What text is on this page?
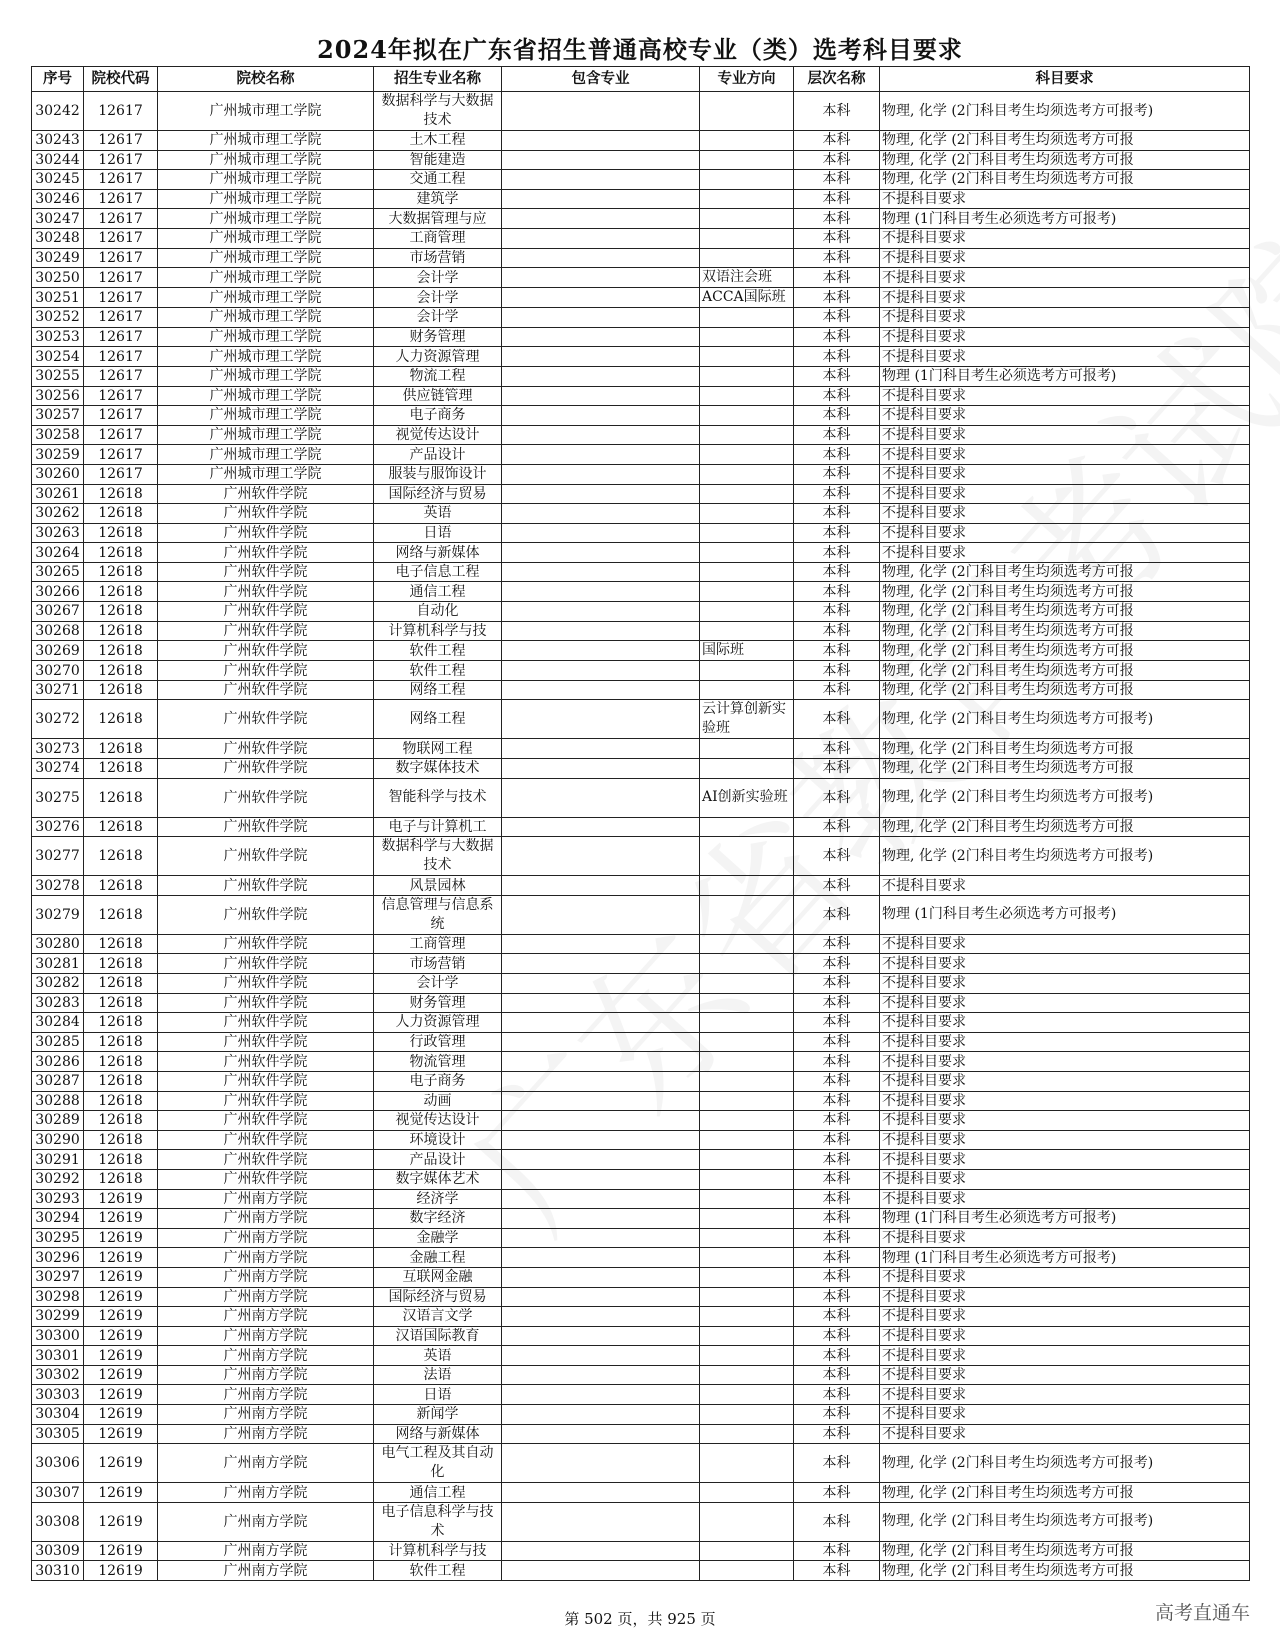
2024年拟在广东省招生普通高校专业（类）选考科目要求
序号	院校代码	院校名称	招生专业名称	包含专业	专业方向	层次名称	科目要求
30242	12617	广州城市理工学院	数据科学与大数据技术			本科	物理, 化学 (2门科目考生均须选考方可报考)
30243	12617	广州城市理工学院	土木工程			本科	物理, 化学 (2门科目考生均须选考方可报
30244	12617	广州城市理工学院	智能建造			本科	物理, 化学 (2门科目考生均须选考方可报
30245	12617	广州城市理工学院	交通工程			本科	物理, 化学 (2门科目考生均须选考方可报
30246	12617	广州城市理工学院	建筑学			本科	不提科目要求
30247	12617	广州城市理工学院	大数据管理与应			本科	物理 (1门科目考生必须选考方可报考)
30248	12617	广州城市理工学院	工商管理			本科	不提科目要求
30249	12617	广州城市理工学院	市场营销			本科	不提科目要求
30250	12617	广州城市理工学院	会计学		双语注会班	本科	不提科目要求
30251	12617	广州城市理工学院	会计学		ACCA国际班	本科	不提科目要求
30252	12617	广州城市理工学院	会计学			本科	不提科目要求
30253	12617	广州城市理工学院	财务管理			本科	不提科目要求
30254	12617	广州城市理工学院	人力资源管理			本科	不提科目要求
30255	12617	广州城市理工学院	物流工程			本科	物理 (1门科目考生必须选考方可报考)
30256	12617	广州城市理工学院	供应链管理			本科	不提科目要求
30257	12617	广州城市理工学院	电子商务			本科	不提科目要求
30258	12617	广州城市理工学院	视觉传达设计			本科	不提科目要求
30259	12617	广州城市理工学院	产品设计			本科	不提科目要求
30260	12617	广州城市理工学院	服装与服饰设计			本科	不提科目要求
30261	12618	广州软件学院	国际经济与贸易			本科	不提科目要求
30262	12618	广州软件学院	英语			本科	不提科目要求
30263	12618	广州软件学院	日语			本科	不提科目要求
30264	12618	广州软件学院	网络与新媒体			本科	不提科目要求
30265	12618	广州软件学院	电子信息工程			本科	物理, 化学 (2门科目考生均须选考方可报
30266	12618	广州软件学院	通信工程			本科	物理, 化学 (2门科目考生均须选考方可报
30267	12618	广州软件学院	自动化			本科	物理, 化学 (2门科目考生均须选考方可报
30268	12618	广州软件学院	计算机科学与技			本科	物理, 化学 (2门科目考生均须选考方可报
30269	12618	广州软件学院	软件工程		国际班	本科	物理, 化学 (2门科目考生均须选考方可报
30270	12618	广州软件学院	软件工程			本科	物理, 化学 (2门科目考生均须选考方可报
30271	12618	广州软件学院	网络工程			本科	物理, 化学 (2门科目考生均须选考方可报
30272	12618	广州软件学院	网络工程		云计算创新实验班	本科	物理, 化学 (2门科目考生均须选考方可报考)
30273	12618	广州软件学院	物联网工程			本科	物理, 化学 (2门科目考生均须选考方可报
30274	12618	广州软件学院	数字媒体技术			本科	物理, 化学 (2门科目考生均须选考方可报
30275	12618	广州软件学院	智能科学与技术		AI创新实验班	本科	物理, 化学 (2门科目考生均须选考方可报考)
30276	12618	广州软件学院	电子与计算机工			本科	物理, 化学 (2门科目考生均须选考方可报
30277	12618	广州软件学院	数据科学与大数据技术			本科	物理, 化学 (2门科目考生均须选考方可报考)
30278	12618	广州软件学院	风景园林			本科	不提科目要求
30279	12618	广州软件学院	信息管理与信息系统			本科	物理 (1门科目考生必须选考方可报考)
30280	12618	广州软件学院	工商管理			本科	不提科目要求
30281	12618	广州软件学院	市场营销			本科	不提科目要求
30282	12618	广州软件学院	会计学			本科	不提科目要求
30283	12618	广州软件学院	财务管理			本科	不提科目要求
30284	12618	广州软件学院	人力资源管理			本科	不提科目要求
30285	12618	广州软件学院	行政管理			本科	不提科目要求
30286	12618	广州软件学院	物流管理			本科	不提科目要求
30287	12618	广州软件学院	电子商务			本科	不提科目要求
30288	12618	广州软件学院	动画			本科	不提科目要求
30289	12618	广州软件学院	视觉传达设计			本科	不提科目要求
30290	12618	广州软件学院	环境设计			本科	不提科目要求
30291	12618	广州软件学院	产品设计			本科	不提科目要求
30292	12618	广州软件学院	数字媒体艺术			本科	不提科目要求
30293	12619	广州南方学院	经济学			本科	不提科目要求
30294	12619	广州南方学院	数字经济			本科	物理 (1门科目考生必须选考方可报考)
30295	12619	广州南方学院	金融学			本科	不提科目要求
30296	12619	广州南方学院	金融工程			本科	物理 (1门科目考生必须选考方可报考)
30297	12619	广州南方学院	互联网金融			本科	不提科目要求
30298	12619	广州南方学院	国际经济与贸易			本科	不提科目要求
30299	12619	广州南方学院	汉语言文学			本科	不提科目要求
30300	12619	广州南方学院	汉语国际教育			本科	不提科目要求
30301	12619	广州南方学院	英语			本科	不提科目要求
30302	12619	广州南方学院	法语			本科	不提科目要求
30303	12619	广州南方学院	日语			本科	不提科目要求
30304	12619	广州南方学院	新闻学			本科	不提科目要求
30305	12619	广州南方学院	网络与新媒体			本科	不提科目要求
30306	12619	广州南方学院	电气工程及其自动化			本科	物理, 化学 (2门科目考生均须选考方可报考)
30307	12619	广州南方学院	通信工程			本科	物理, 化学 (2门科目考生均须选考方可报
30308	12619	广州南方学院	电子信息科学与技术			本科	物理, 化学 (2门科目考生均须选考方可报考)
30309	12619	广州南方学院	计算机科学与技			本科	物理, 化学 (2门科目考生均须选考方可报
30310	12619	广州南方学院	软件工程			本科	物理, 化学 (2门科目考生均须选考方可报
第 502 页，共 925 页	高考直通车
